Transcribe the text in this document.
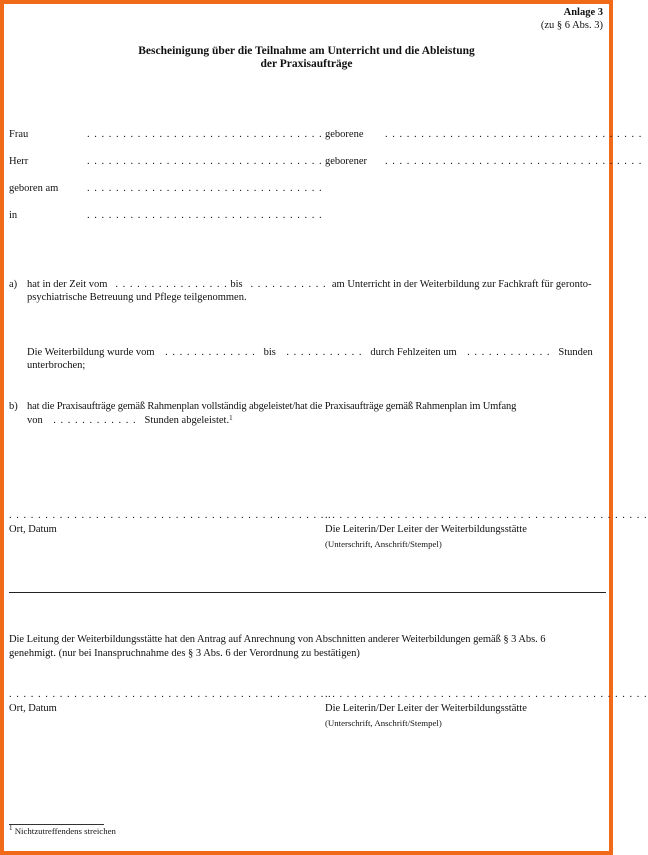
Anlage 3
(zu § 6 Abs. 3)
Bescheinigung über die Teilnahme am Unterricht und die Ableistung
der Praxisaufträge
Frau	. . . . . . . . . . . . . . . . . . . . . . . . . . . . . . . . . geborene . . . . . . . . . . . . . . . . . . . . . . . . . . . . . . . . . . . .
Herr	. . . . . . . . . . . . . . . . . . . . . . . . . . . . . . . . . geborener . . . . . . . . . . . . . . . . . . . . . . . . . . . . . . . . . . . .
geboren am	. . . . . . . . . . . . . . . . . . . . . . . . . . . . . . . . .
in	. . . . . . . . . . . . . . . . . . . . . . . . . . . . . . . . .
a) hat in der Zeit vom . . . . . . . . . . . . . . . . bis . . . . . . . . . . . am Unterricht in der Weiterbildung zur Fachkraft für geronto-
psychiatrische Betreuung und Pflege teilgenommen.
Die Weiterbildung wurde vom . . . . . . . . . . . . . bis . . . . . . . . . . . durch Fehlzeiten um . . . . . . . . . . . . Stunden
unterbrochen;
b) hat die Praxisaufträge gemäß Rahmenplan vollständig abgeleistet/hat die Praxisaufträge gemäß Rahmenplan im Umfang
von . . . . . . . . . . . . Stunden abgeleistet.$^1$
. . . . . . . . . . . . . . . . . . . . . . . . . . . . . . . . . . . . . . . . . . . . .
. . . . . . . . . . . . . . . . . . . . . . . . . . . . . . . . . . . . . . . . . . . . .
Ort, Datum	Die Leiterin/Der Leiter der Weiterbildungsstätte
(Unterschrift, Anschrift/Stempel)
Die Leitung der Weiterbildungsstätte hat den Antrag auf Anrechnung von Abschnitten anderer Weiterbildungen gemäß § 3 Abs. 6
genehmigt. (nur bei Inanspruchnahme des § 3 Abs. 6 der Verordnung zu bestätigen)
. . . . . . . . . . . . . . . . . . . . . . . . . . . . . . . . . . . . . . . . . . . . .
. . . . . . . . . . . . . . . . . . . . . . . . . . . . . . . . . . . . . . . . . . . . .
Ort, Datum	Die Leiterin/Der Leiter der Weiterbildungsstätte
(Unterschrift, Anschrift/Stempel)
$^1$ Nichtzutreffendens streichen
